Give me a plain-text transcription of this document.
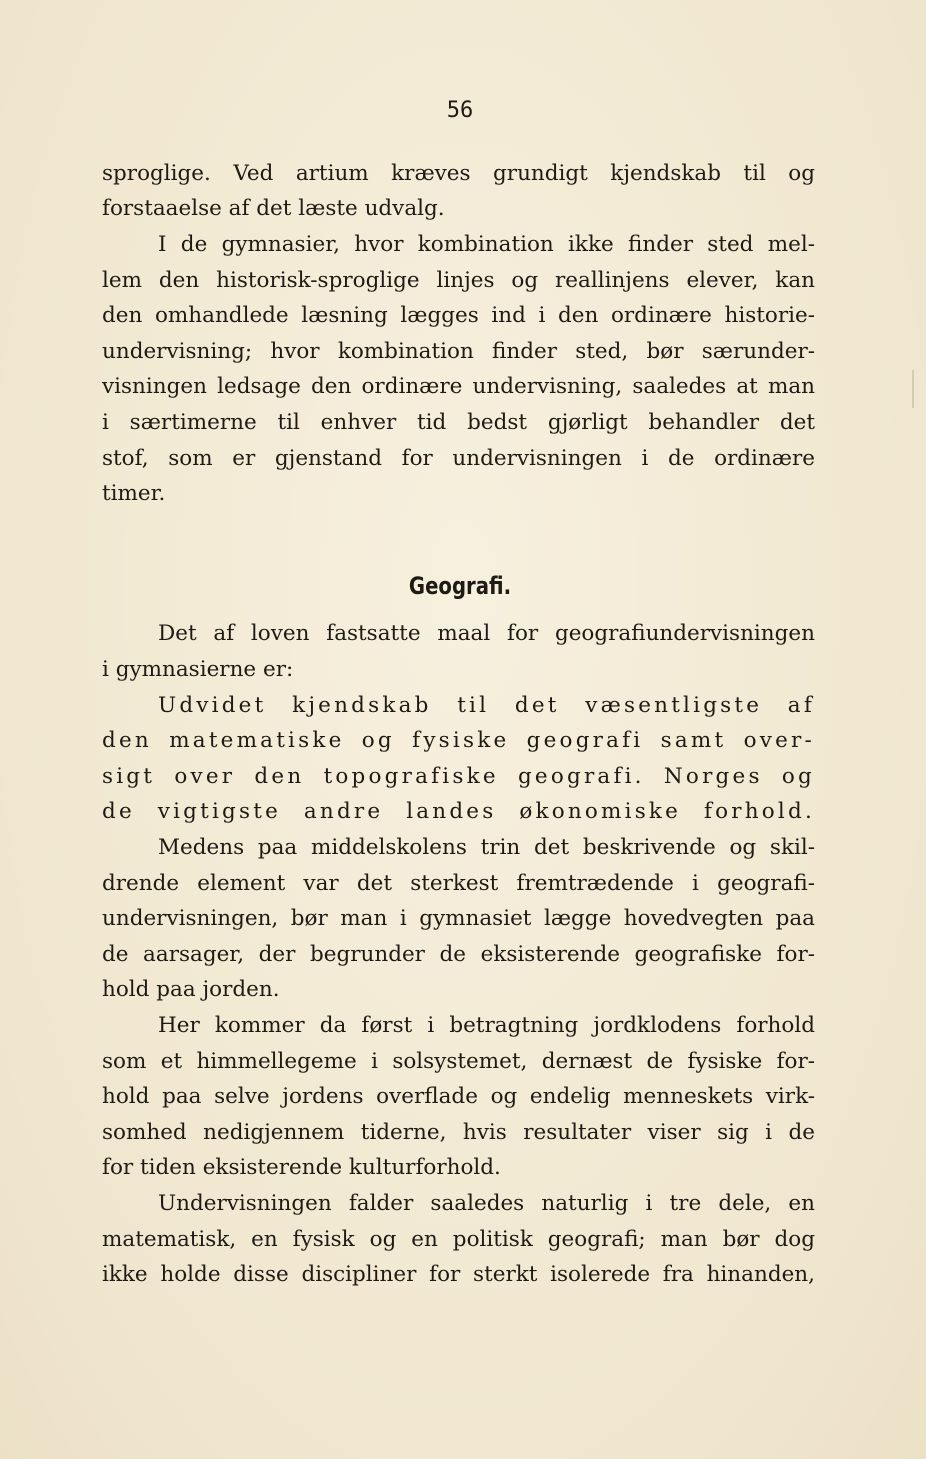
56
sproglige. Ved artium kræves grundigt kjendskab til og
forstaaelse af det læste udvalg.
I de gymnasier, hvor kombination ikke finder sted mel-
lem den historisk-sproglige linjes og reallinjens elever, kan
den omhandlede læsning lægges ind i den ordinære historie-
undervisning; hvor kombination finder sted, bør særunder-
visningen ledsage den ordinære undervisning, saaledes at man
i særtimerne til enhver tid bedst gjørligt behandler det
stof, som er gjenstand for undervisningen i de ordinære
timer.
Geografi.
Det af loven fastsatte maal for geografiundervisningen
i gymnasierne er:
Udvidet kjendskab til det væsentligste af
den matematiske og fysiske geografi samt over-
sigt over den topografiske geografi. Norges og
de vigtigste andre landes økonomiske forhold.
Medens paa middelskolens trin det beskrivende og skil-
drende element var det sterkest fremtrædende i geografi-
undervisningen, bør man i gymnasiet lægge hovedvegten paa
de aarsager, der begrunder de eksisterende geografiske for-
hold paa jorden.
Her kommer da først i betragtning jordklodens forhold
som et himmellegeme i solsystemet, dernæst de fysiske for-
hold paa selve jordens overflade og endelig menneskets virk-
somhed nedigjennem tiderne, hvis resultater viser sig i de
for tiden eksisterende kulturforhold.
Undervisningen falder saaledes naturlig i tre dele, en
matematisk, en fysisk og en politisk geografi; man bør dog
ikke holde disse discipliner for sterkt isolerede fra hinanden,
